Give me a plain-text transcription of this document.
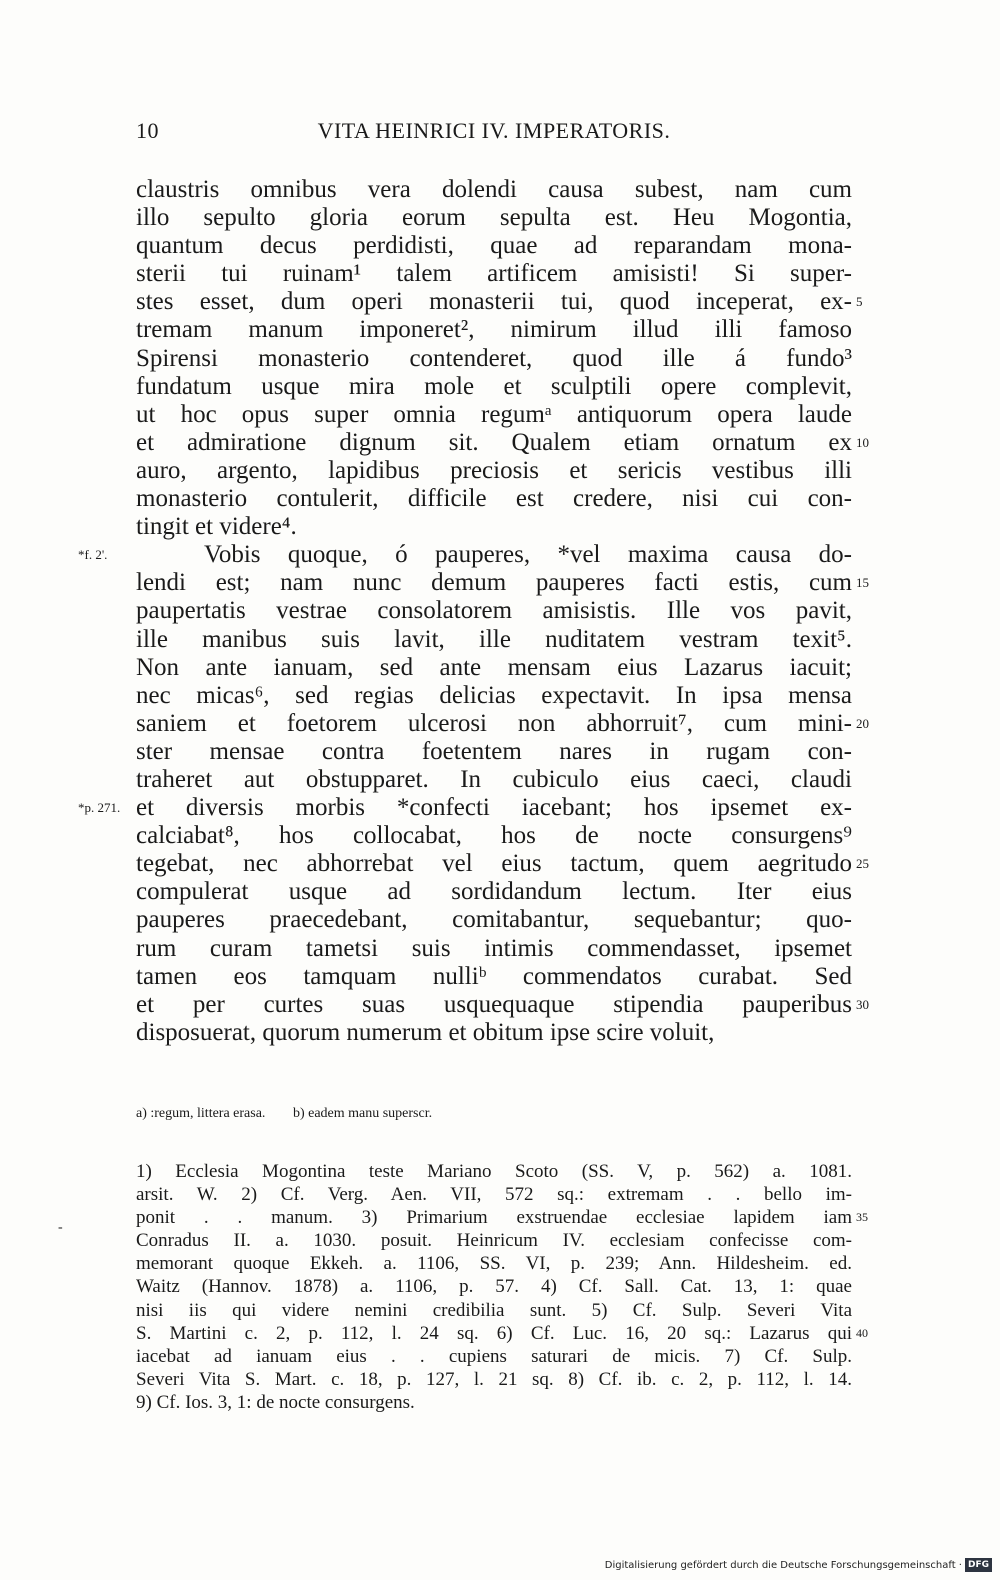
10	VITA HEINRICI IV. IMPERATORIS.
claustris omnibus vera dolendi causa subest, nam cum
illo sepulto gloria eorum sepulta est. Heu Mogontia,
quantum decus perdidisti, quae ad reparandam mona-
sterii tui ruinam¹ talem artificem amisisti! Si super-
stes esset, dum operi monasterii tui, quod inceperat, ex- 5
tremam manum imponeret², nimirum illud illi famoso
Spirensi monasterio contenderet, quod ille á fundo³
fundatum usque mira mole et sculptili opere complevit,
ut hoc opus super omnia regumᵃ antiquorum opera laude
et admiratione dignum sit. Qualem etiam ornatum ex 10
auro, argento, lapidibus preciosis et sericis vestibus illi
monasterio contulerit, difficile est credere, nisi cui con-
tingit et videre⁴.
Vobis quoque, ó pauperes, *vel maxima causa do-
*f. 2'.
lendi est; nam nunc demum pauperes facti estis, cum 15
paupertatis vestrae consolatorem amisistis. Ille vos pavit,
ille manibus suis lavit, ille nuditatem vestram texit⁵.
Non ante ianuam, sed ante mensam eius Lazarus iacuit;
nec micas⁶, sed regias delicias expectavit. In ipsa mensa
saniem et foetorem ulcerosi non abhorruit⁷, cum mini- 20
ster mensae contra foetentem nares in rugam con-
traheret aut obstupparet. In cubiculo eius caeci, claudi
et diversis morbis *confecti iacebant; hos ipsemet ex-
*p. 271.
calciabat⁸, hos collocabat, hos de nocte consurgens⁹
tegebat, nec abhorrebat vel eius tactum, quem aegritudo 25
compulerat usque ad sordidandum lectum. Iter eius
pauperes praecedebant, comitabantur, sequebantur; quo-
rum curam tametsi suis intimis commendasset, ipsemet
tamen eos tamquam nulliᵇ commendatos curabat. Sed
et per curtes suas usquequaque stipendia pauperibus 30
disposuerat, quorum numerum et obitum ipse scire voluit,
a) :regum, littera erasa. b) eadem manu superscr.
1) Ecclesia Mogontina teste Mariano Scoto (SS. V, p. 562) a. 1081.
arsit. W. 2) Cf. Verg. Aen. VII, 572 sq.: extremam . . bello im-
ponit . . manum. 3) Primarium exstruendae ecclesiae lapidem iam 35
Conradus II. a. 1030. posuit. Heinricum IV. ecclesiam confecisse com-
memorant quoque Ekkeh. a. 1106, SS. VI, p. 239; Ann. Hildesheim. ed.
Waitz (Hannov. 1878) a. 1106, p. 57. 4) Cf. Sall. Cat. 13, 1: quae
nisi iis qui videre nemini credibilia sunt. 5) Cf. Sulp. Severi Vita
S. Martini c. 2, p. 112, l. 24 sq. 6) Cf. Luc. 16, 20 sq.: Lazarus qui 40
iacebat ad ianuam eius . . cupiens saturari de micis. 7) Cf. Sulp.
Severi Vita S. Mart. c. 18, p. 127, l. 21 sq. 8) Cf. ib. c. 2, p. 112, l. 14.
9) Cf. Ios. 3, 1: de nocte consurgens.
-
Digitalisierung gefördert durch die Deutsche Forschungsgemeinschaft · DFG
